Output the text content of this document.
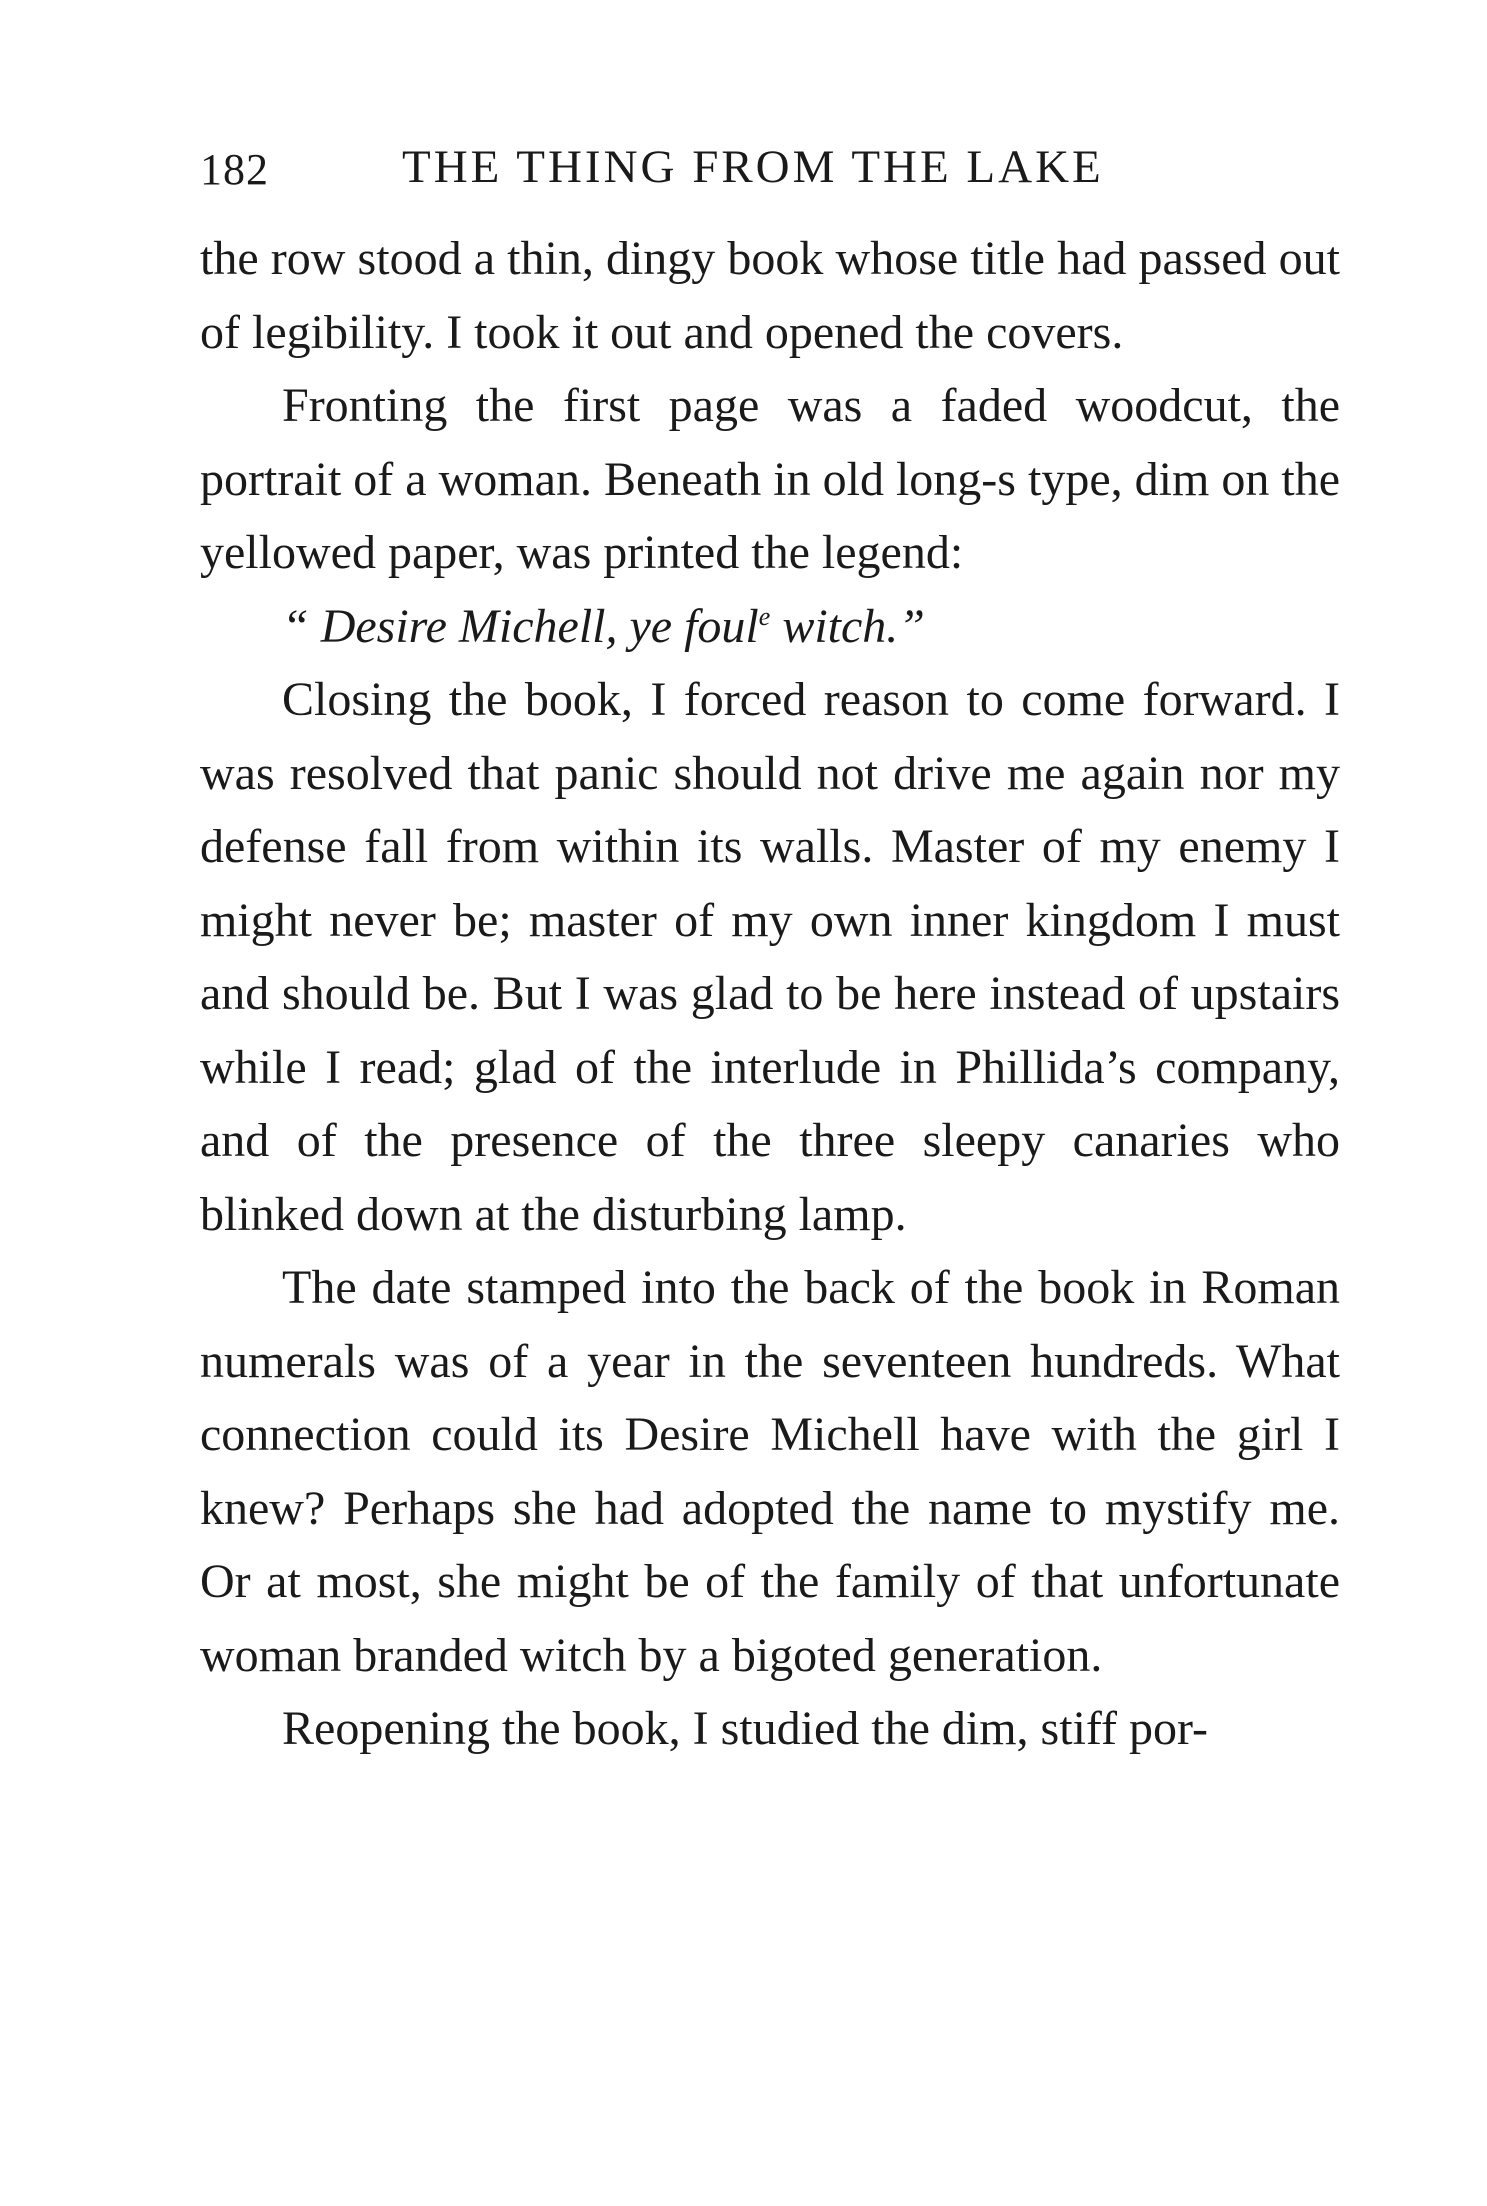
182	THE THING FROM THE LAKE

the row stood a thin, dingy book whose title had passed out of legibility. I took it out and opened the covers.

Fronting the first page was a faded woodcut, the portrait of a woman. Beneath in old long-s type, dim on the yellowed paper, was printed the legend:

“ Desire Michell, ye foul$^e$ witch.”

Closing the book, I forced reason to come forward. I was resolved that panic should not drive me again nor my defense fall from within its walls. Master of my enemy I might never be; master of my own inner kingdom I must and should be. But I was glad to be here instead of upstairs while I read; glad of the interlude in Phillida’s company, and of the presence of the three sleepy canaries who blinked down at the disturbing lamp.

The date stamped into the back of the book in Roman numerals was of a year in the seventeen hundreds. What connection could its Desire Michell have with the girl I knew? Perhaps she had adopted the name to mystify me. Or at most, she might be of the family of that unfortunate woman branded witch by a bigoted generation.

Reopening the book, I studied the dim, stiff por-
